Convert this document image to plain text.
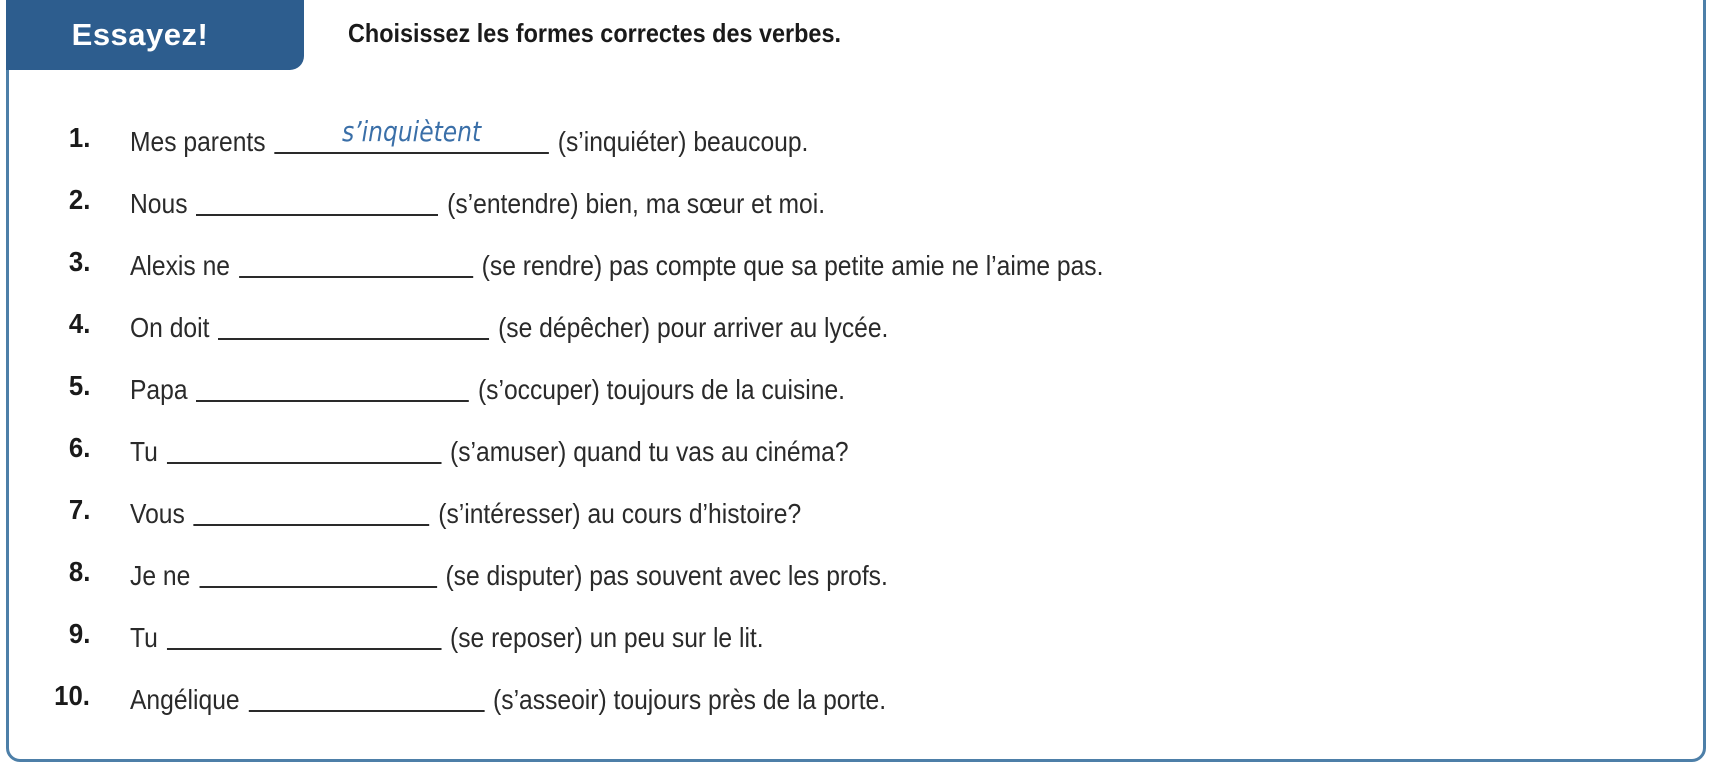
Essayez!	Choisissez les formes correctes des verbes.
1. Mes parents	s’inquiètent	(s’inquiéter) beaucoup.
2. Nous	(s’entendre) bien, ma sœur et moi.
3. Alexis ne	(se rendre) pas compte que sa petite amie ne l’aime pas.
4. On doit	(se dépêcher) pour arriver au lycée.
5. Papa	(s’occuper) toujours de la cuisine.
6. Tu	(s’amuser) quand tu vas au cinéma?
7. Vous	(s’intéresser) au cours d’histoire?
8. Je ne	(se disputer) pas souvent avec les profs.
9. Tu	(se reposer) un peu sur le lit.
10. Angélique	(s’asseoir) toujours près de la porte.
